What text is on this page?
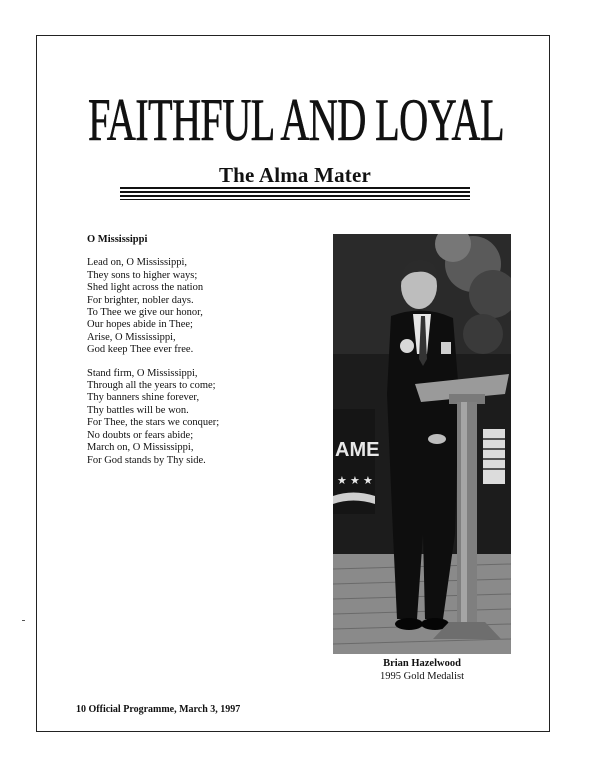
FAITHFUL AND LOYAL
The Alma Mater
O Mississippi
Lead on, O Mississippi,
They sons to higher ways;
Shed light across the nation
For brighter, nobler days.
To Thee we give our honor,
Our hopes abide in Thee;
Arise, O Mississippi,
God keep Thee ever free.
Stand firm, O Mississippi,
Through all the years to come;
Thy banners shine forever,
Thy battles will be won.
For Thee, the stars we conquer;
No doubts or fears abide;
March on, O Mississippi,
For God stands by Thy side.	AME
★ ★ ★
Brian Hazelwood
1995 Gold Medalist
10 Official Programme, March 3, 1997
